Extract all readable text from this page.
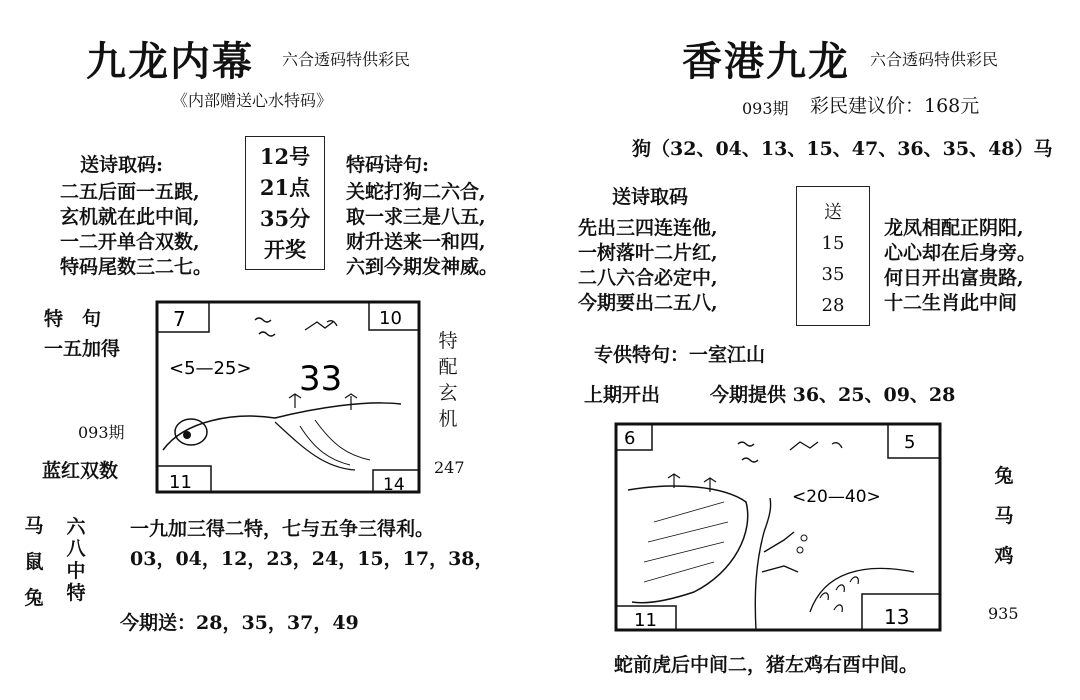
九龙内幕 六合透码特供彩民
《内部赠送心水特码》
送诗取码:
二五后面一五跟,
玄机就在此中间,
一二开单合双数,
特码尾数三二七。
12号
21点
35分
开奖
特码诗句:
关蛇打狗二六合,
取一求三是八五,
财升送来一和四,
六到今期发神威。
特　句
一五加得
093期
蓝红双数
<5—25> 33
7	10
11	14
特
配
玄
机
247
马
鼠
兔
六
八
中
特
一九加三得二特，七与五争三得利。
03，04，12，23，24，15，17，38，
今期送：28，35，37，49
香港九龙 六合透码特供彩民
093期 彩民建议价：168元
狗（32、04、13、15、47、36、35、48）马
送诗取码
先出三四连连他,
一树落叶二片红,
二八六合必定中,
今期要出二五八,
送
15
35
28
龙凤相配正阴阳,
心心却在后身旁。
何日开出富贵路,
十二生肖此中间
专供特句：一室江山
上期开出	今期提供 36、25、09、28
<20—40>
6	5
11	13
兔
马
鸡
935
蛇前虎后中间二，猪左鸡右酉中间。
